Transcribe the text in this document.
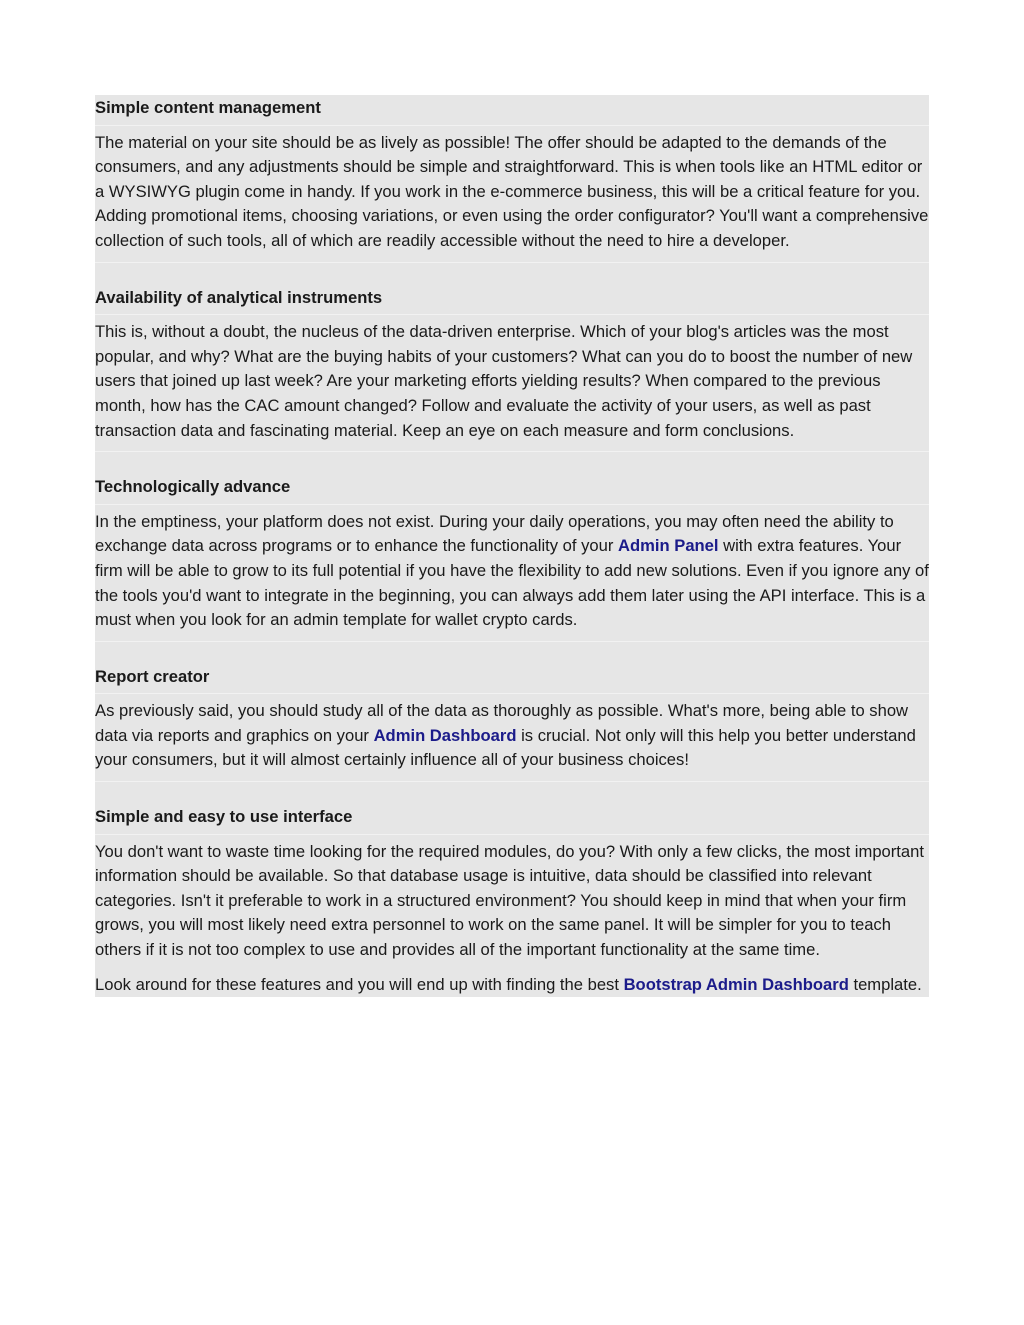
Simple content management
The material on your site should be as lively as possible! The offer should be adapted to the demands of the consumers, and any adjustments should be simple and straightforward. This is when tools like an HTML editor or a WYSIWYG plugin come in handy. If you work in the e-commerce business, this will be a critical feature for you. Adding promotional items, choosing variations, or even using the order configurator? You'll want a comprehensive collection of such tools, all of which are readily accessible without the need to hire a developer.
Availability of analytical instruments
This is, without a doubt, the nucleus of the data-driven enterprise. Which of your blog's articles was the most popular, and why? What are the buying habits of your customers? What can you do to boost the number of new users that joined up last week? Are your marketing efforts yielding results? When compared to the previous month, how has the CAC amount changed? Follow and evaluate the activity of your users, as well as past transaction data and fascinating material. Keep an eye on each measure and form conclusions.
Technologically advance
In the emptiness, your platform does not exist. During your daily operations, you may often need the ability to exchange data across programs or to enhance the functionality of your Admin Panel with extra features. Your firm will be able to grow to its full potential if you have the flexibility to add new solutions. Even if you ignore any of the tools you'd want to integrate in the beginning, you can always add them later using the API interface. This is a must when you look for an admin template for wallet crypto cards.
Report creator
As previously said, you should study all of the data as thoroughly as possible. What's more, being able to show data via reports and graphics on your Admin Dashboard is crucial. Not only will this help you better understand your consumers, but it will almost certainly influence all of your business choices!
Simple and easy to use interface
You don't want to waste time looking for the required modules, do you? With only a few clicks, the most important information should be available. So that database usage is intuitive, data should be classified into relevant categories. Isn't it preferable to work in a structured environment? You should keep in mind that when your firm grows, you will most likely need extra personnel to work on the same panel. It will be simpler for you to teach others if it is not too complex to use and provides all of the important functionality at the same time.
Look around for these features and you will end up with finding the best Bootstrap Admin Dashboard template.
